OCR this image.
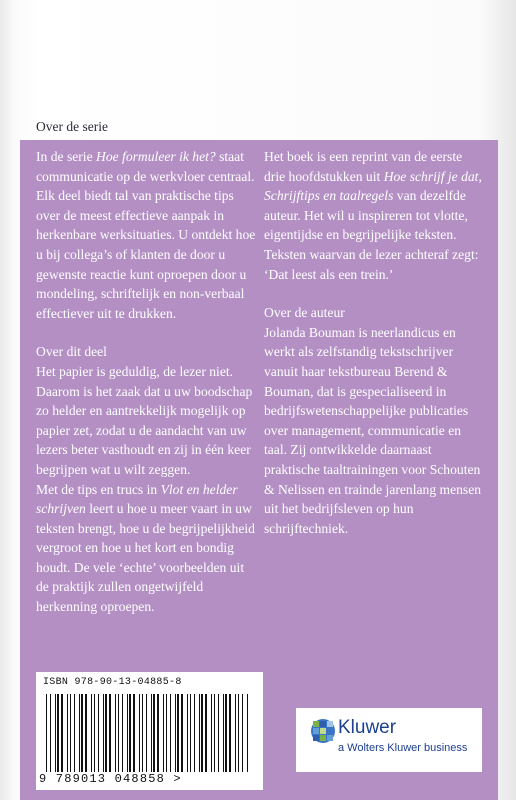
Over de serie

In de serie Hoe formuleer ik het? staat communicatie op de werkvloer centraal. Elk deel biedt tal van praktische tips over de meest effectieve aanpak in herkenbare werksituaties. U ontdekt hoe u bij collega’s of klanten de door u gewenste reactie kunt oproepen door u mondeling, schriftelijk en non-verbaal effectiever uit te drukken.

Over dit deel

Het papier is geduldig, de lezer niet. Daarom is het zaak dat u uw boodschap zo helder en aantrekkelijk mogelijk op papier zet, zodat u de aandacht van uw lezers beter vasthoudt en zij in één keer begrijpen wat u wilt zeggen.

Met de tips en trucs in Vlot en helder schrijven leert u hoe u meer vaart in uw teksten brengt, hoe u de begrijpelijkheid vergroot en hoe u het kort en bondig houdt. De vele ‘echte’ voorbeelden uit de praktijk zullen ongetwijfeld herkenning oproepen.

Het boek is een reprint van de eerste drie hoofdstukken uit Hoe schrijf je dat, Schrijftips en taalregels van dezelfde auteur. Het wil u inspireren tot vlotte, eigentijdse en begrijpelijke teksten. Teksten waarvan de lezer achteraf zegt: ‘Dat leest als een trein.’

Over de auteur

Jolanda Bouman is neerlandicus en werkt als zelfstandig tekstschrijver vanuit haar tekstbureau Berend & Bouman, dat is gespecialiseerd in bedrijfswetenschappelijke publicaties over management, communicatie en taal. Zij ontwikkelde daarnaast praktische taaltrainingen voor Schouten & Nelissen en trainde jarenlang mensen uit het bedrijfsleven op hun schrijftechniek.

ISBN 978-90-13-04885-8
9 789013 048858 >
Kluwer
a Wolters Kluwer business
